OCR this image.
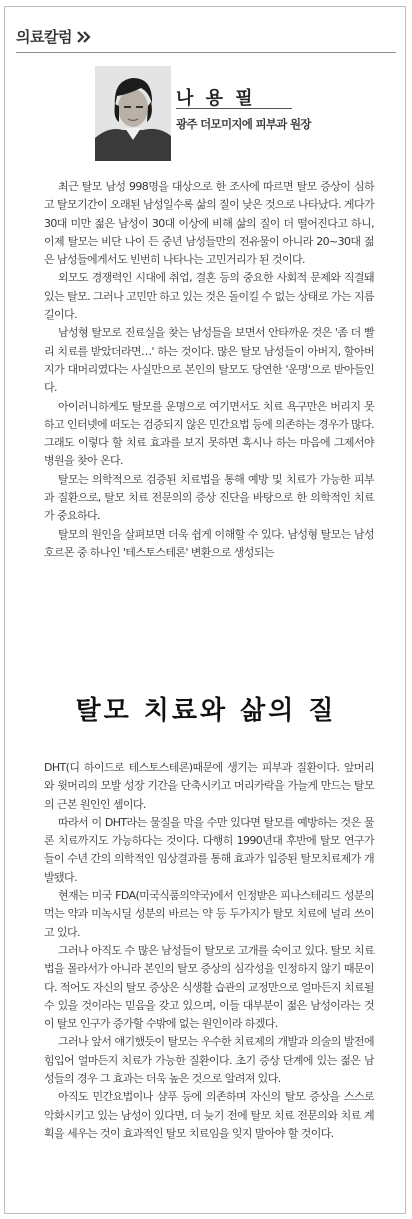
의료칼럼
나 용 필
광주 더모미지에 피부과 원장

최근 탈모 남성 998명을 대상으로 한 조사에 따르면 탈모 증상이 심하고 탈모기간이 오래된 남성일수록 삶의 질이 낮은 것으로 나타났다. 게다가 30대 미만 젊은 남성이 30대 이상에 비해 삶의 질이 더 떨어진다고 하니, 이제 탈모는 비단 나이 든 중년 남성들만의 전유물이 아니라 20~30대 젊은 남성들에게서도 빈번히 나타나는 고민거리가 된 것이다.

외모도 경쟁력인 시대에 취업, 결혼 등의 중요한 사회적 문제와 직결돼 있는 탈모. 그러나 고민만 하고 있는 것은 돌이킬 수 없는 상태로 가는 지름길이다.

남성형 탈모로 진료실을 찾는 남성들을 보면서 안타까운 것은 '좀 더 빨리 치료를 받았더라면…' 하는 것이다. 많은 탈모 남성들이 아버지, 할아버지가 대머리였다는 사실만으로 본인의 탈모도 당연한 '운명'으로 받아들인다.

아이러니하게도 탈모를 운명으로 여기면서도 치료 욕구만은 버리지 못하고 인터넷에 떠도는 검증되지 않은 민간요법 등에 의존하는 경우가 많다. 그래도 이렇다 할 치료 효과를 보지 못하면 혹시나 하는 마음에 그제서야 병원을 찾아 온다.

탈모는 의학적으로 검증된 치료법을 통해 예방 및 치료가 가능한 피부과 질환으로, 탈모 치료 전문의의 증상 진단을 바탕으로 한 의학적인 치료가 중요하다.

탈모의 원인을 살펴보면 더욱 쉽게 이해할 수 있다. 남성형 탈모는 남성호르몬 중 하나인 '테스토스테론' 변환으로 생성되는

탈모 치료와 삶의 질

DHT(디 하이드로 테스토스테론)때문에 생기는 피부과 질환이다. 앞머리와 윗머리의 모발 성장 기간을 단축시키고 머리카락을 가늘게 만드는 탈모의 근본 원인인 셈이다.

따라서 이 DHT라는 물질을 막을 수만 있다면 탈모를 예방하는 것은 물론 치료까지도 가능하다는 것이다. 다행히 1990년대 후반에 탈모 연구가들이 수년 간의 의학적인 임상결과를 통해 효과가 입증된 탈모치료제가 개발됐다.

현재는 미국 FDA(미국식품의약국)에서 인정받은 피나스테리드 성분의 먹는 약과 미녹시딜 성분의 바르는 약 등 두가지가 탈모 치료에 널리 쓰이고 있다.

그러나 아직도 수 많은 남성들이 탈모로 고개를 숙이고 있다. 탈모 치료법을 몰라서가 아니라 본인의 탈모 증상의 심각성을 인정하지 않기 때문이다. 적어도 자신의 탈모 증상은 식생활 습관의 교정만으로 얼마든지 치료될 수 있을 것이라는 믿음을 갖고 있으며, 이들 대부분이 젊은 남성이라는 것이 탈모 인구가 증가할 수밖에 없는 원인이라 하겠다.

그러나 앞서 얘기했듯이 탈모는 우수한 치료제의 개발과 의술의 발전에 힘입어 얼마든지 치료가 가능한 질환이다. 초기 증상 단계에 있는 젊은 남성들의 경우 그 효과는 더욱 높은 것으로 알려져 있다.

아직도 민간요법이나 샴푸 등에 의존하며 자신의 탈모 증상을 스스로 악화시키고 있는 남성이 있다면, 더 늦기 전에 탈모 치료 전문의와 치료 계획을 세우는 것이 효과적인 탈모 치료임을 잊지 말아야 할 것이다.
